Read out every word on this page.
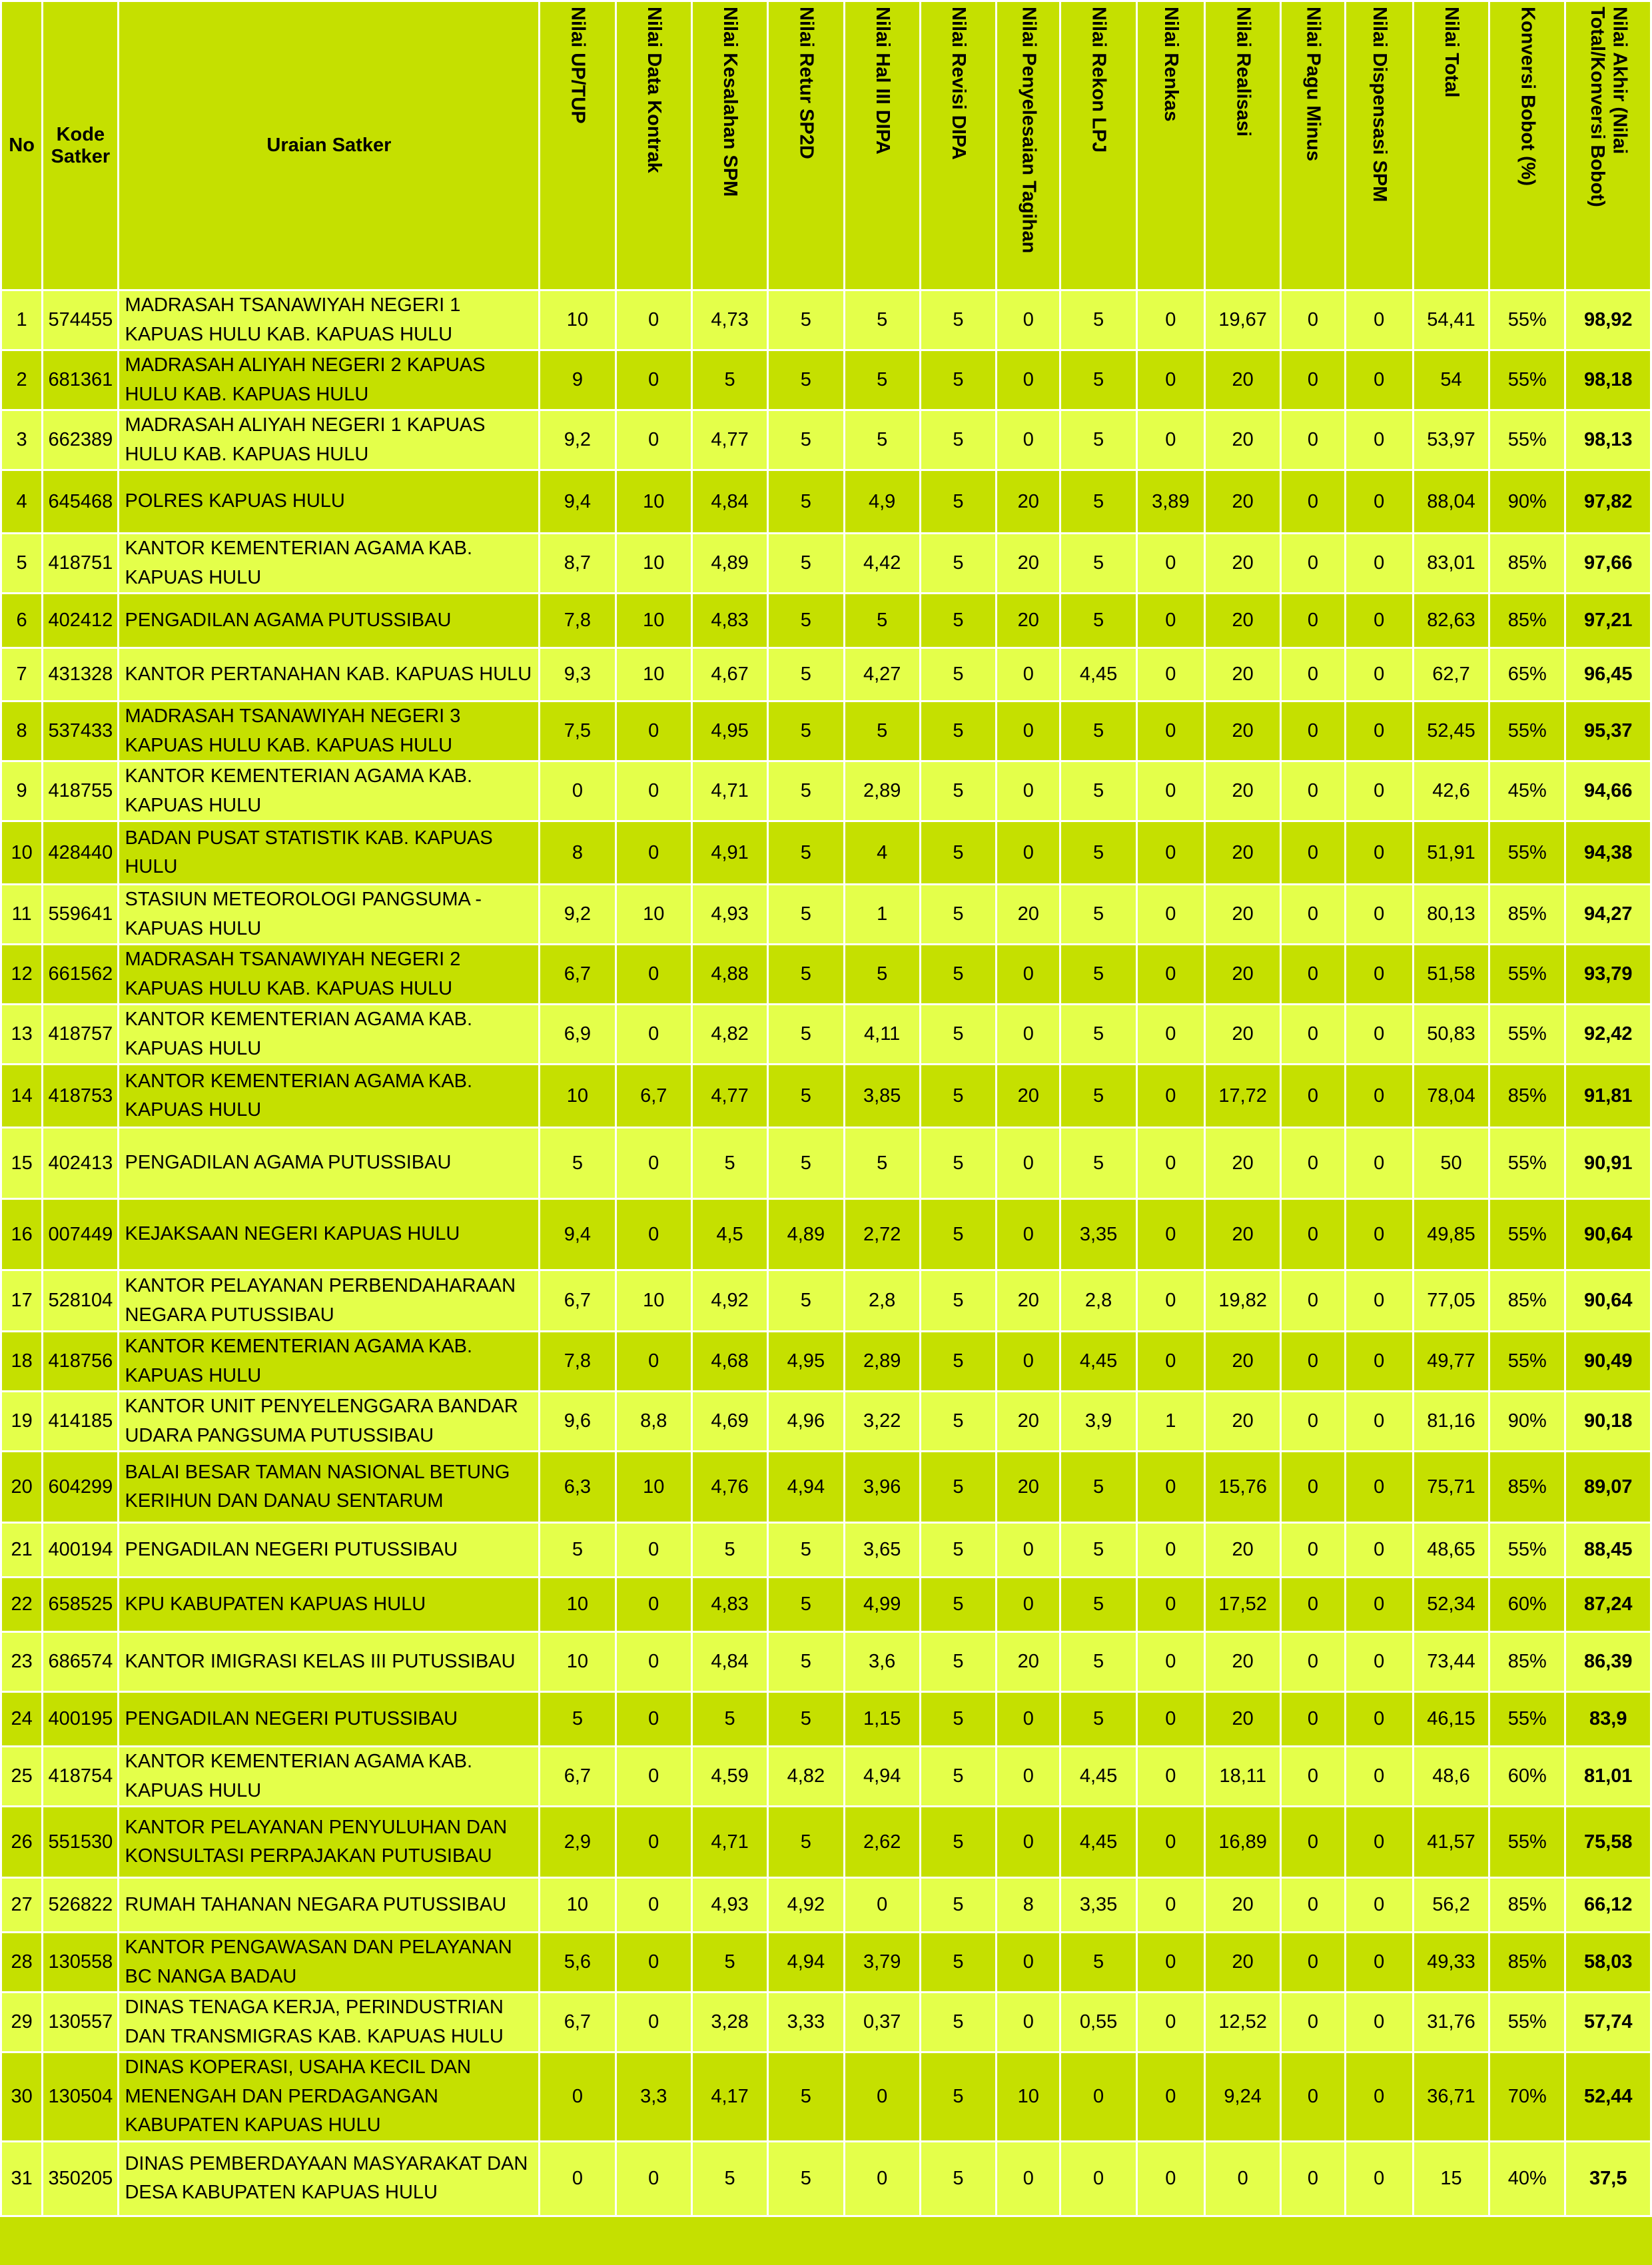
No	Kode Satker	Uraian Satker	Nilai UP/TUP	Nilai Data Kontrak	Nilai Kesalahan SPM	Nilai Retur SP2D	Nilai Hal III DIPA	Nilai Revisi DIPA	Nilai Penyelesaian Tagihan	Nilai Rekon LPJ	Nilai Renkas	Nilai Realisasi	Nilai Pagu Minus	Nilai Dispensasi SPM	Nilai Total	Konversi Bobot (%)	Nilai Akhir (Nilai Total/Konversi Bobot)

1	574455	MADRASAH TSANAWIYAH NEGERI 1 KAPUAS HULU KAB. KAPUAS HULU	10	0	4,73	5	5	5	0	5	0	19,67	0	0	54,41	55%	98,92
2	681361	MADRASAH ALIYAH NEGERI 2 KAPUAS HULU KAB. KAPUAS HULU	9	0	5	5	5	5	0	5	0	20	0	0	54	55%	98,18
3	662389	MADRASAH ALIYAH NEGERI 1 KAPUAS HULU KAB. KAPUAS HULU	9,2	0	4,77	5	5	5	0	5	0	20	0	0	53,97	55%	98,13
4	645468	POLRES KAPUAS HULU	9,4	10	4,84	5	4,9	5	20	5	3,89	20	0	0	88,04	90%	97,82
5	418751	KANTOR KEMENTERIAN AGAMA KAB. KAPUAS HULU	8,7	10	4,89	5	4,42	5	20	5	0	20	0	0	83,01	85%	97,66
6	402412	PENGADILAN AGAMA PUTUSSIBAU	7,8	10	4,83	5	5	5	20	5	0	20	0	0	82,63	85%	97,21
7	431328	KANTOR PERTANAHAN KAB. KAPUAS HULU	9,3	10	4,67	5	4,27	5	0	4,45	0	20	0	0	62,7	65%	96,45
8	537433	MADRASAH TSANAWIYAH NEGERI 3 KAPUAS HULU KAB. KAPUAS HULU	7,5	0	4,95	5	5	5	0	5	0	20	0	0	52,45	55%	95,37
9	418755	KANTOR KEMENTERIAN AGAMA KAB. KAPUAS HULU	0	0	4,71	5	2,89	5	0	5	0	20	0	0	42,6	45%	94,66
10	428440	BADAN PUSAT STATISTIK KAB. KAPUAS HULU	8	0	4,91	5	4	5	0	5	0	20	0	0	51,91	55%	94,38
11	559641	STASIUN METEOROLOGI PANGSUMA - KAPUAS HULU	9,2	10	4,93	5	1	5	20	5	0	20	0	0	80,13	85%	94,27
12	661562	MADRASAH TSANAWIYAH NEGERI 2 KAPUAS HULU KAB. KAPUAS HULU	6,7	0	4,88	5	5	5	0	5	0	20	0	0	51,58	55%	93,79
13	418757	KANTOR KEMENTERIAN AGAMA KAB. KAPUAS HULU	6,9	0	4,82	5	4,11	5	0	5	0	20	0	0	50,83	55%	92,42
14	418753	KANTOR KEMENTERIAN AGAMA KAB. KAPUAS HULU	10	6,7	4,77	5	3,85	5	20	5	0	17,72	0	0	78,04	85%	91,81
15	402413	PENGADILAN AGAMA PUTUSSIBAU	5	0	5	5	5	5	0	5	0	20	0	0	50	55%	90,91
16	007449	KEJAKSAAN NEGERI KAPUAS HULU	9,4	0	4,5	4,89	2,72	5	0	3,35	0	20	0	0	49,85	55%	90,64
17	528104	KANTOR PELAYANAN PERBENDAHARAAN NEGARA PUTUSSIBAU	6,7	10	4,92	5	2,8	5	20	2,8	0	19,82	0	0	77,05	85%	90,64
18	418756	KANTOR KEMENTERIAN AGAMA KAB. KAPUAS HULU	7,8	0	4,68	4,95	2,89	5	0	4,45	0	20	0	0	49,77	55%	90,49
19	414185	KANTOR UNIT PENYELENGGARA BANDAR UDARA PANGSUMA PUTUSSIBAU	9,6	8,8	4,69	4,96	3,22	5	20	3,9	1	20	0	0	81,16	90%	90,18
20	604299	BALAI BESAR TAMAN NASIONAL BETUNG KERIHUN DAN DANAU SENTARUM	6,3	10	4,76	4,94	3,96	5	20	5	0	15,76	0	0	75,71	85%	89,07
21	400194	PENGADILAN NEGERI PUTUSSIBAU	5	0	5	5	3,65	5	0	5	0	20	0	0	48,65	55%	88,45
22	658525	KPU KABUPATEN KAPUAS HULU	10	0	4,83	5	4,99	5	0	5	0	17,52	0	0	52,34	60%	87,24
23	686574	KANTOR IMIGRASI KELAS III PUTUSSIBAU	10	0	4,84	5	3,6	5	20	5	0	20	0	0	73,44	85%	86,39
24	400195	PENGADILAN NEGERI PUTUSSIBAU	5	0	5	5	1,15	5	0	5	0	20	0	0	46,15	55%	83,9
25	418754	KANTOR KEMENTERIAN AGAMA KAB. KAPUAS HULU	6,7	0	4,59	4,82	4,94	5	0	4,45	0	18,11	0	0	48,6	60%	81,01
26	551530	KANTOR PELAYANAN PENYULUHAN DAN KONSULTASI PERPAJAKAN PUTUSIBAU	2,9	0	4,71	5	2,62	5	0	4,45	0	16,89	0	0	41,57	55%	75,58
27	526822	RUMAH TAHANAN NEGARA PUTUSSIBAU	10	0	4,93	4,92	0	5	8	3,35	0	20	0	0	56,2	85%	66,12
28	130558	KANTOR PENGAWASAN DAN PELAYANAN BC NANGA BADAU	5,6	0	5	4,94	3,79	5	0	5	0	20	0	0	49,33	85%	58,03
29	130557	DINAS TENAGA KERJA, PERINDUSTRIAN DAN TRANSMIGRAS KAB. KAPUAS HULU	6,7	0	3,28	3,33	0,37	5	0	0,55	0	12,52	0	0	31,76	55%	57,74
30	130504	DINAS KOPERASI, USAHA KECIL DAN MENENGAH DAN PERDAGANGAN KABUPATEN KAPUAS HULU	0	3,3	4,17	5	0	5	10	0	0	9,24	0	0	36,71	70%	52,44
31	350205	DINAS PEMBERDAYAAN MASYARAKAT DAN DESA KABUPATEN KAPUAS HULU	0	0	5	5	0	5	0	0	0	0	0	0	15	40%	37,5
